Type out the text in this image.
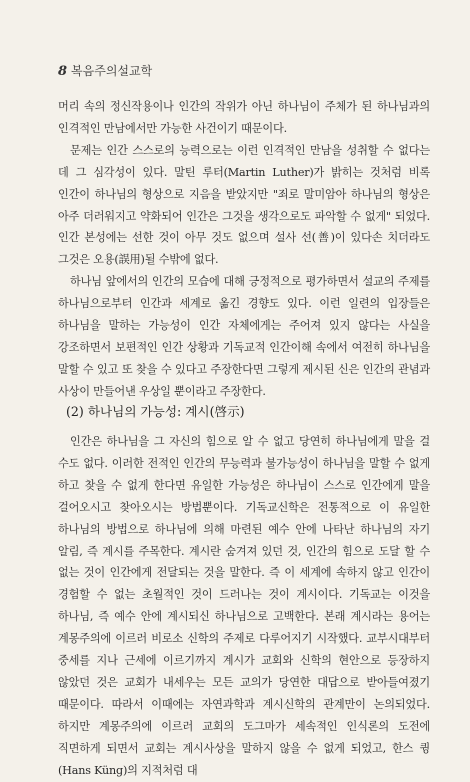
8 복음주의설교학

머리 속의 정신작용이나 인간의 작위가 아닌 하나님이 주체가 된 하나님과의 인격적인 만남에서만 가능한 사건이기 때문이다.

문제는 인간 스스로의 능력으로는 이런 인격적인 만남을 성취할 수 없다는 데 그 심각성이 있다. 말틴 루터(Martin Luther)가 밝히는 것처럼 비록 인간이 하나님의 형상으로 지음을 받았지만 "죄로 말미암아 하나님의 형상은 아주 더러워지고 약화되어 인간은 그것을 생각으로도 파악할 수 없게" 되었다. 인간 본성에는 선한 것이 아무 것도 없으며 설사 선(善)이 있다손 치더라도 그것은 오용(誤用)될 수밖에 없다.

하나님 앞에서의 인간의 모습에 대해 긍정적으로 평가하면서 설교의 주제를 하나님으로부터 인간과 세계로 옮긴 경향도 있다. 이런 일련의 입장들은 하나님을 말하는 가능성이 인간 자체에게는 주어져 있지 않다는 사실을 강조하면서 보편적인 인간 상황과 기독교적 인간이해 속에서 여전히 하나님을 말할 수 있고 또 찾을 수 있다고 주장한다면 그렇게 제시된 신은 인간의 관념과 사상이 만들어낸 우상일 뿐이라고 주장한다.

(2) 하나님의 가능성: 계시(啓示)

인간은 하나님을 그 자신의 힘으로 알 수 없고 당연히 하나님에게 말을 걸 수도 없다. 이러한 전적인 인간의 무능력과 불가능성이 하나님을 말할 수 없게 하고 찾을 수 없게 한다면 유일한 가능성은 하나님이 스스로 인간에게 말을 걸어오시고 찾아오시는 방법뿐이다. 기독교신학은 전통적으로 이 유일한 하나님의 방법으로 하나님에 의해 마련된 예수 안에 나타난 하나님의 자기 알림, 즉 계시를 주목한다. 계시란 숨겨져 있던 것, 인간의 힘으로 도달 할 수 없는 것이 인간에게 전달되는 것을 말한다. 즉 이 세계에 속하지 않고 인간이 경험할 수 없는 초월적인 것이 드러나는 것이 계시이다. 기독교는 이것을 하나님, 즉 예수 안에 계시되신 하나님으로 고백한다. 본래 계시라는 용어는 계몽주의에 이르러 비로소 신학의 주제로 다루어지기 시작했다. 교부시대부터 중세를 지나 근세에 이르기까지 계시가 교회와 신학의 현안으로 등장하지 않았던 것은 교회가 내세우는 모든 교의가 당연한 대답으로 받아들여졌기 때문이다. 따라서 이때에는 자연과학과 계시신학의 관계만이 논의되었다. 하지만 계몽주의에 이르러 교회의 도그마가 세속적인 인식론의 도전에 직면하게 되면서 교회는 계시사상을 말하지 않을 수 없게 되었고, 한스 큉(Hans Küng)의 지적처럼 대
